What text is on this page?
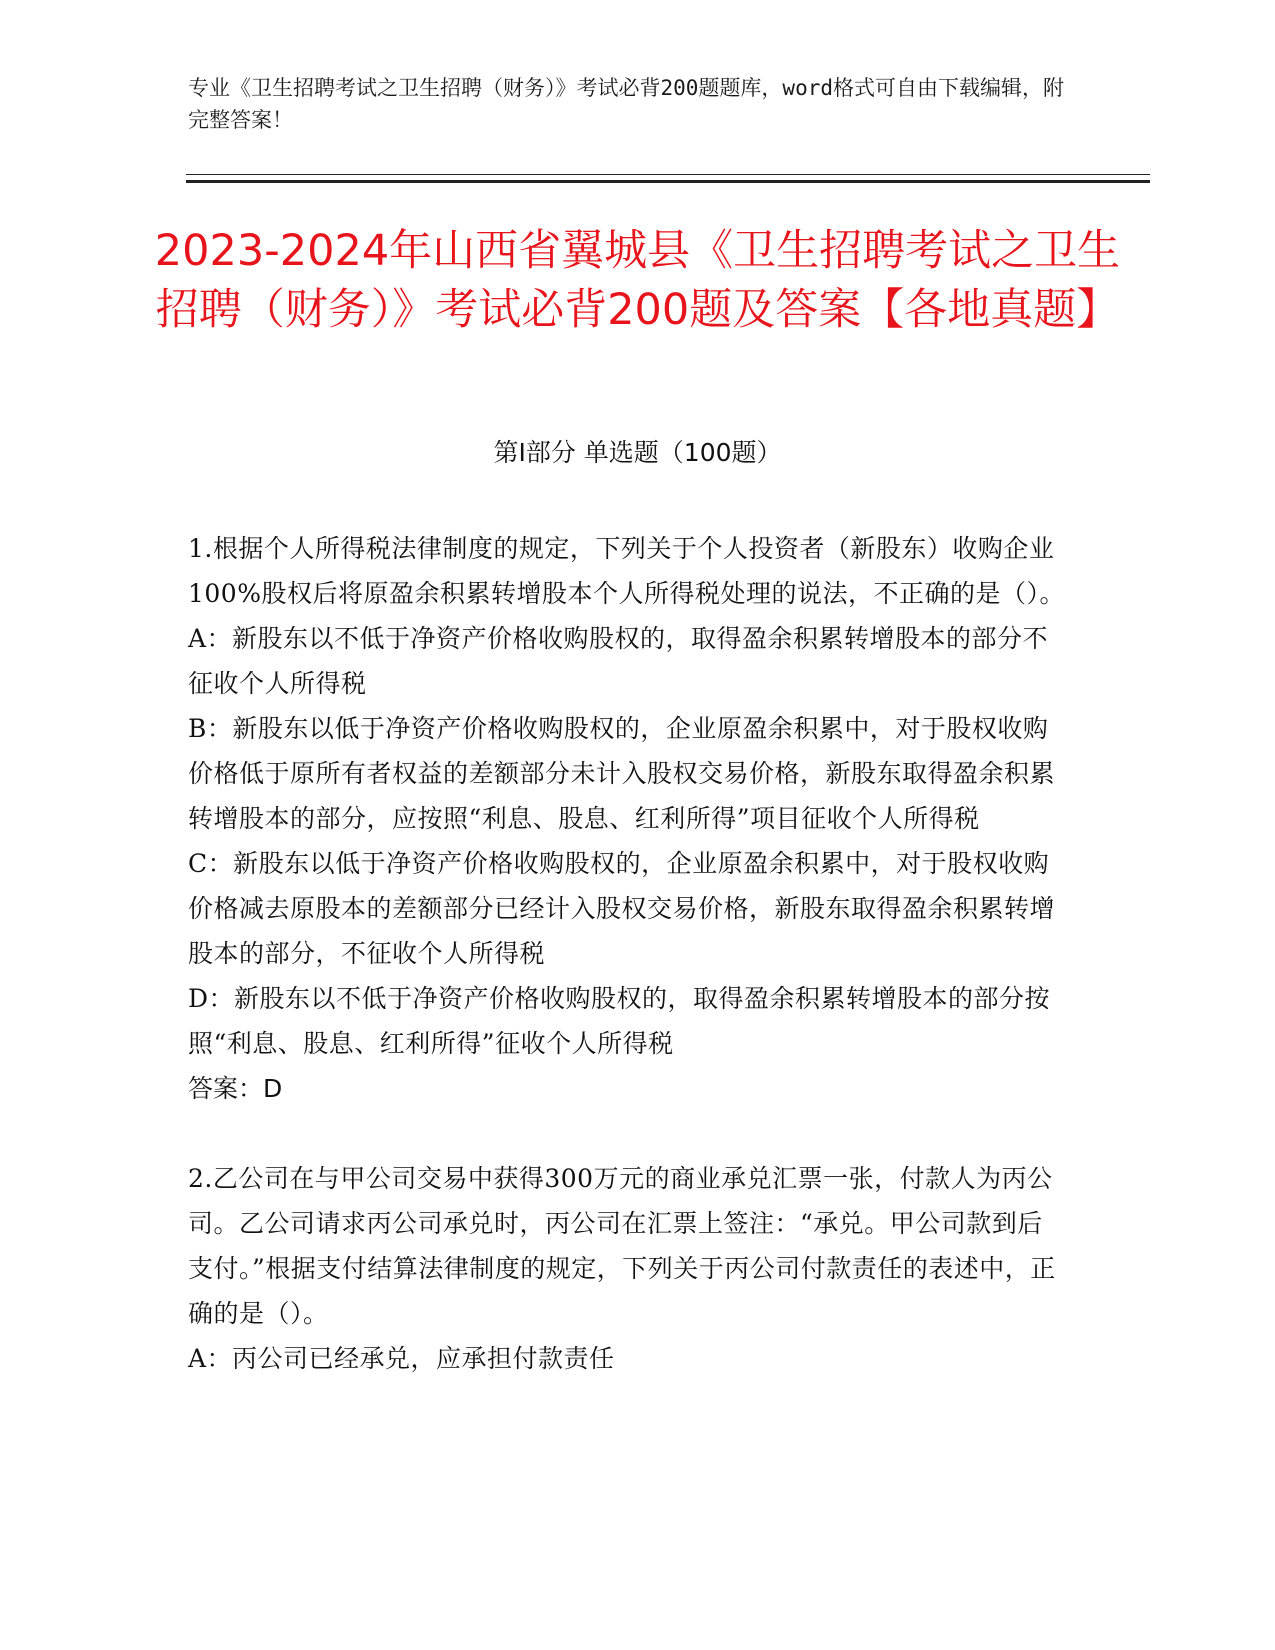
专业《卫生招聘考试之卫生招聘（财务）》考试必背200题题库，word格式可自由下载编辑，附完整答案！
2023-2024年山西省翼城县《卫生招聘考试之卫生招聘（财务）》考试必背200题及答案【各地真题】
第I部分 单选题（100题）

1.根据个人所得税法律制度的规定，下列关于个人投资者（新股东）收购企业100%股权后将原盈余积累转增股本个人所得税处理的说法，不正确的是（）。

A：新股东以不低于净资产价格收购股权的，取得盈余积累转增股本的部分不征收个人所得税

B：新股东以低于净资产价格收购股权的，企业原盈余积累中，对于股权收购价格低于原所有者权益的差额部分未计入股权交易价格，新股东取得盈余积累转增股本的部分，应按照“利息、股息、红利所得”项目征收个人所得税

C：新股东以低于净资产价格收购股权的，企业原盈余积累中，对于股权收购价格减去原股本的差额部分已经计入股权交易价格，新股东取得盈余积累转增股本的部分，不征收个人所得税

D：新股东以不低于净资产价格收购股权的，取得盈余积累转增股本的部分按照“利息、股息、红利所得”征收个人所得税

答案：D

2.乙公司在与甲公司交易中获得300万元的商业承兑汇票一张，付款人为丙公司。乙公司请求丙公司承兑时，丙公司在汇票上签注：“承兑。甲公司款到后支付。”根据支付结算法律制度的规定，下列关于丙公司付款责任的表述中，正确的是（）。

A：丙公司已经承兑，应承担付款责任
